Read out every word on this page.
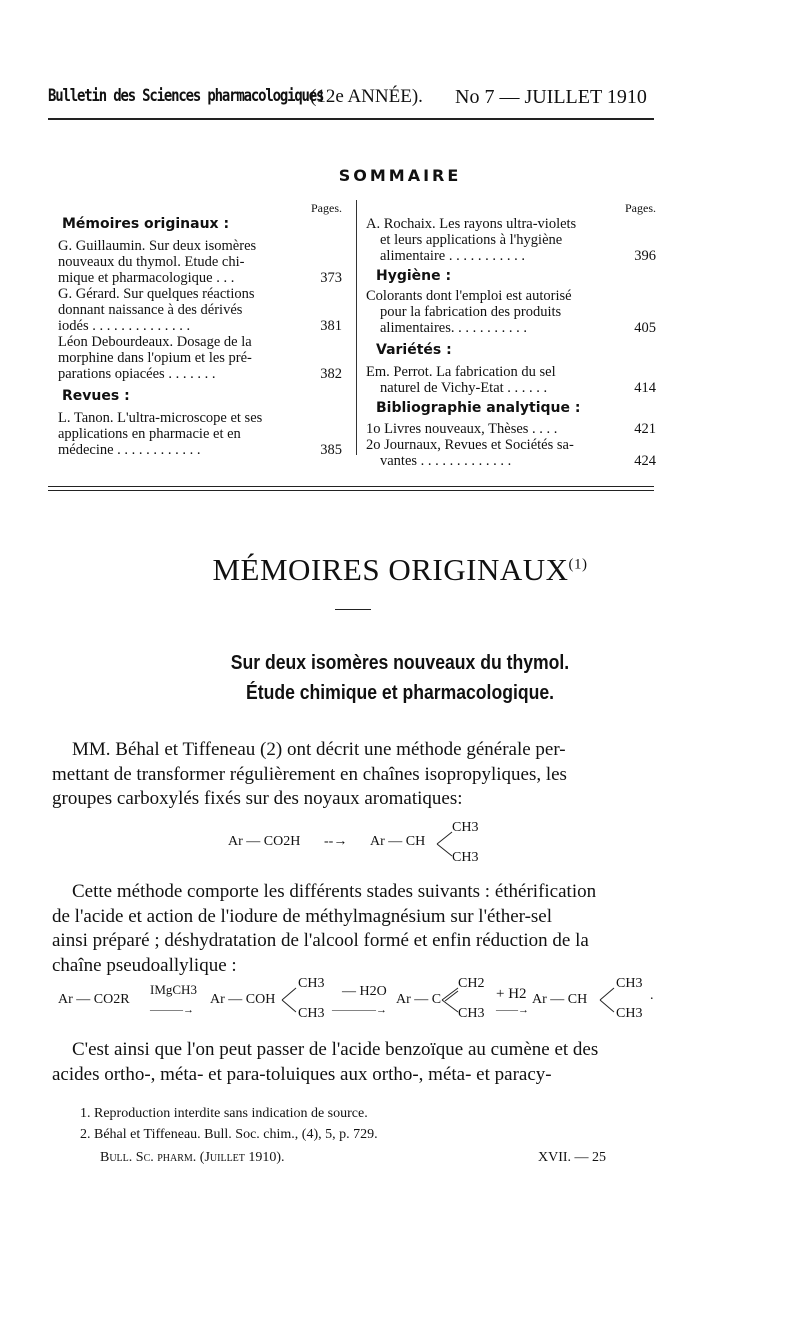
Bulletin des Sciences pharmacologiques
(12e ANNÉE). No 7 — JUILLET 1910
SOMMAIRE
Pages.
Mémoires originaux :
G. Guillaumin. Sur deux isomères
nouveaux du thymol. Etude chi-
mique et pharmacologique . . .	373
G. Gérard. Sur quelques réactions
donnant naissance à des dérivés
iodés . . . . . . . . . . . . . .	381
Léon Debourdeaux. Dosage de la
morphine dans l'opium et les pré-
parations opiacées . . . . . . .	382
Revues :
L. Tanon. L'ultra-microscope et ses
applications en pharmacie et en
médecine . . . . . . . . . . . .	385
Pages.
A. Rochaix. Les rayons ultra-violets
et leurs applications à l'hygiène
alimentaire . . . . . . . . . . .	396
Hygiène :
Colorants dont l'emploi est autorisé
pour la fabrication des produits
alimentaires. . . . . . . . . . .	405
Variétés :
Em. Perrot. La fabrication du sel
naturel de Vichy-Etat . . . . . .	414
Bibliographie analytique :
1o Livres nouveaux, Thèses . . . .	421
2o Journaux, Revues et Sociétés sa-
vantes . . . . . . . . . . . . .	424
MÉMOIRES ORIGINAUX$^{(1)}$
Sur deux isomères nouveaux du thymol.
Étude chimique et pharmacologique.
MM. Béhal et Tiffeneau (2) ont décrit une méthode générale per-
mettant de transformer régulièrement en chaînes isopropyliques, les
groupes carboxylés fixés sur des noyaux aromatiques:
Ar — CO2H --→ Ar — CH
CH3
CH3
Cette méthode comporte les différents stades suivants : éthérification
de l'acide et action de l'iodure de méthylmagnésium sur l'éther-sel
ainsi préparé ; déshydratation de l'alcool formé et enfin réduction de la
chaîne pseudoallylique :
Ar — CO2R
IMgCH3
———→
Ar — COH
CH3
CH3
— H2O
————→
Ar — C
CH2
CH3
+ H2
——→
Ar — CH
CH3
CH3
.
C'est ainsi que l'on peut passer de l'acide benzoïque au cumène et des
acides ortho-, méta- et para-toluiques aux ortho-, méta- et paracy-
1. Reproduction interdite sans indication de source.
2. Béhal et Tiffeneau. Bull. Soc. chim., (4), 5, p. 729.
Bull. Sc. pharm. (Juillet 1910).	XVII. — 25
